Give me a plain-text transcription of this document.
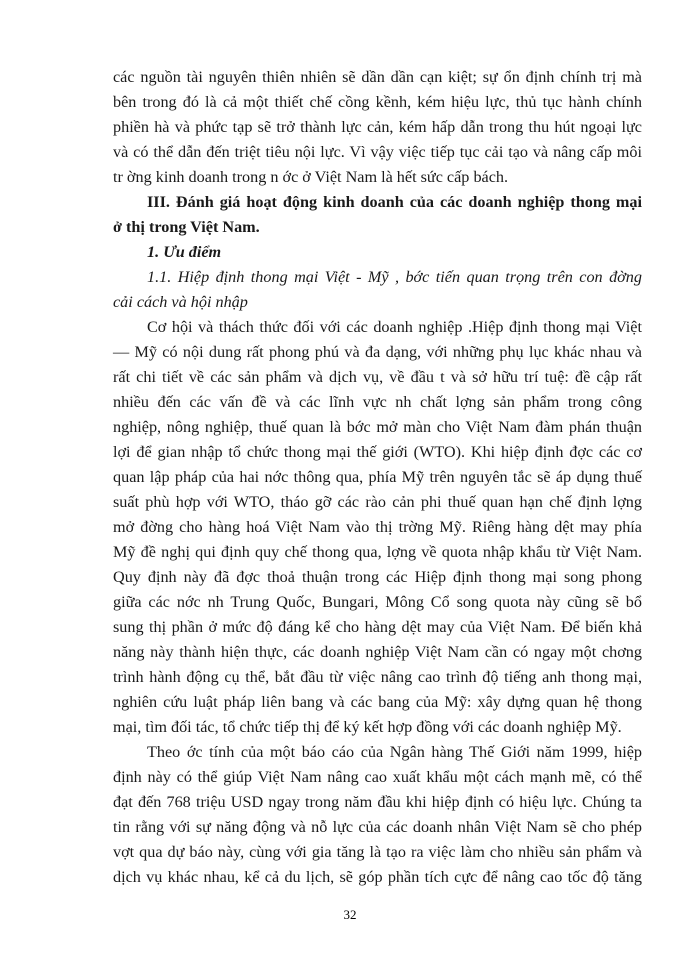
các nguồn tài nguyên thiên nhiên sẽ dần dần cạn kiệt; sự ổn định chính trị mà
bên trong đó là cả một thiết chế cồng kềnh, kém hiệu lực, thủ tục hành chính
phiền hà và phức tạp sẽ trở thành lực cản, kém hấp dẫn trong thu hút ngoại lực
và có thể dẫn đến triệt tiêu nội lực. Vì vậy việc tiếp tục cải tạo và nâng cấp môi
tr ờng kinh doanh trong n ớc ở Việt Nam là hết sức cấp bách.
III. Đánh giá hoạt động kinh doanh của các doanh nghiệp thong mại
ở thị trong Việt Nam.
1. Ưu điểm
1.1. Hiệp định thong mại Việt - Mỹ , bớc tiến quan trọng trên con đờng
cải cách và hội nhập
Cơ hội và thách thức đối với các doanh nghiệp .Hiệp định thong mại Việt
— Mỹ có nội dung rất phong phú và đa dạng, với những phụ lục khác nhau và
rất chi tiết về các sản phẩm và dịch vụ, về đầu t và sở hữu trí tuệ: đề cập rất
nhiều đến các vấn đề và các lĩnh vực nh chất lợng sản phẩm trong công
nghiệp, nông nghiệp, thuế quan là bớc mở màn cho Việt Nam đàm phán thuận
lợi để gian nhập tổ chức thong mại thế giới (WTO). Khi hiệp định đợc các cơ
quan lập pháp của hai nớc thông qua, phía Mỹ trên nguyên tắc sẽ áp dụng thuế
suất phù hợp với WTO, tháo gỡ các rào cản phi thuế quan hạn chế định lợng
mở đờng cho hàng hoá Việt Nam vào thị trờng Mỹ. Riêng hàng dệt may phía
Mỹ đề nghị qui định quy chế thong qua, lợng về quota nhập khẩu từ Việt Nam.
Quy định này đã đợc thoả thuận trong các Hiệp định thong mại song phong
giữa các nớc nh Trung Quốc, Bungari, Mông Cổ song quota này cũng sẽ bổ
sung thị phần ở mức độ đáng kể cho hàng dệt may của Việt Nam. Để biến khả
năng này thành hiện thực, các doanh nghiệp Việt Nam cần có ngay một chơng
trình hành động cụ thể, bắt đầu từ việc nâng cao trình độ tiếng anh thong mại,
nghiên cứu luật pháp liên bang và các bang của Mỹ: xây dựng quan hệ thong
mại, tìm đối tác, tổ chức tiếp thị để ký kết hợp đồng với các doanh nghiệp Mỹ.
Theo ớc tính của một báo cáo của Ngân hàng Thế Giới năm 1999, hiệp
định này có thể giúp Việt Nam nâng cao xuất khẩu một cách mạnh mẽ, có thể
đạt đến 768 triệu USD ngay trong năm đầu khi hiệp định có hiệu lực. Chúng ta
tin rằng với sự năng động và nỗ lực của các doanh nhân Việt Nam sẽ cho phép
vợt qua dự báo này, cùng với gia tăng là tạo ra việc làm cho nhiều sản phẩm và
dịch vụ khác nhau, kể cả du lịch, sẽ góp phần tích cực để nâng cao tốc độ tăng
32
